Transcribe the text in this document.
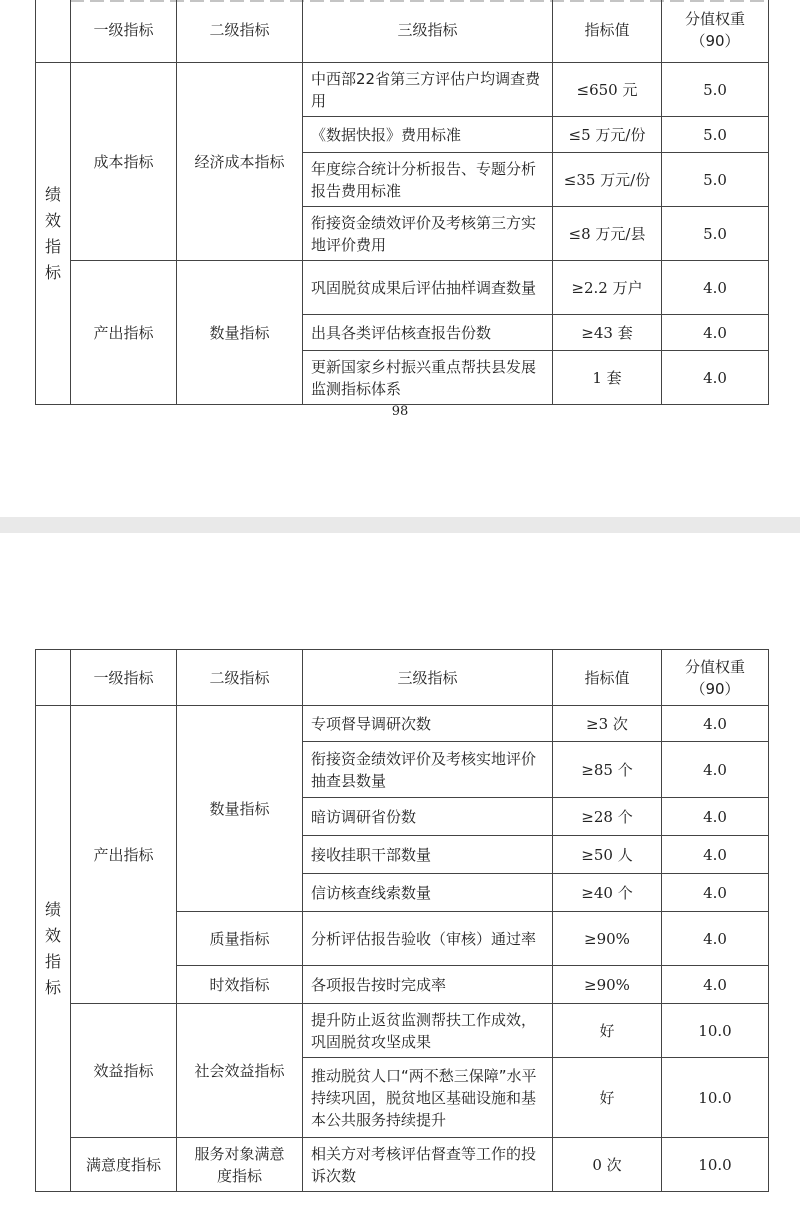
	一级指标	二级指标	三级指标	指标值	分值权重（90）
绩效指标	成本指标	经济成本指标	中西部22省第三方评估户均调查费用	≤650 元	5.0
			《数据快报》费用标准	≤5 万元/份	5.0
			年度综合统计分析报告、专题分析报告费用标准	≤35 万元/份	5.0
			衔接资金绩效评价及考核第三方实地评价费用	≤8 万元/县	5.0
	产出指标	数量指标	巩固脱贫成果后评估抽样调查数量	≥2.2 万户	4.0
			出具各类评估核查报告份数	≥43 套	4.0
			更新国家乡村振兴重点帮扶县发展监测指标体系	1 套	4.0
98
	一级指标	二级指标	三级指标	指标值	分值权重（90）
绩效指标	产出指标	数量指标	专项督导调研次数	≥3 次	4.0
			衔接资金绩效评价及考核实地评价抽查县数量	≥85 个	4.0
			暗访调研省份数	≥28 个	4.0
			接收挂职干部数量	≥50 人	4.0
			信访核查线索数量	≥40 个	4.0
		质量指标	分析评估报告验收（审核）通过率	≥90%	4.0
		时效指标	各项报告按时完成率	≥90%	4.0
	效益指标	社会效益指标	提升防止返贫监测帮扶工作成效，巩固脱贫攻坚成果	好	10.0
			推动脱贫人口“两不愁三保障”水平持续巩固，脱贫地区基础设施和基本公共服务持续提升	好	10.0
	满意度指标	服务对象满意度指标	相关方对考核评估督查等工作的投诉次数	0 次	10.0
